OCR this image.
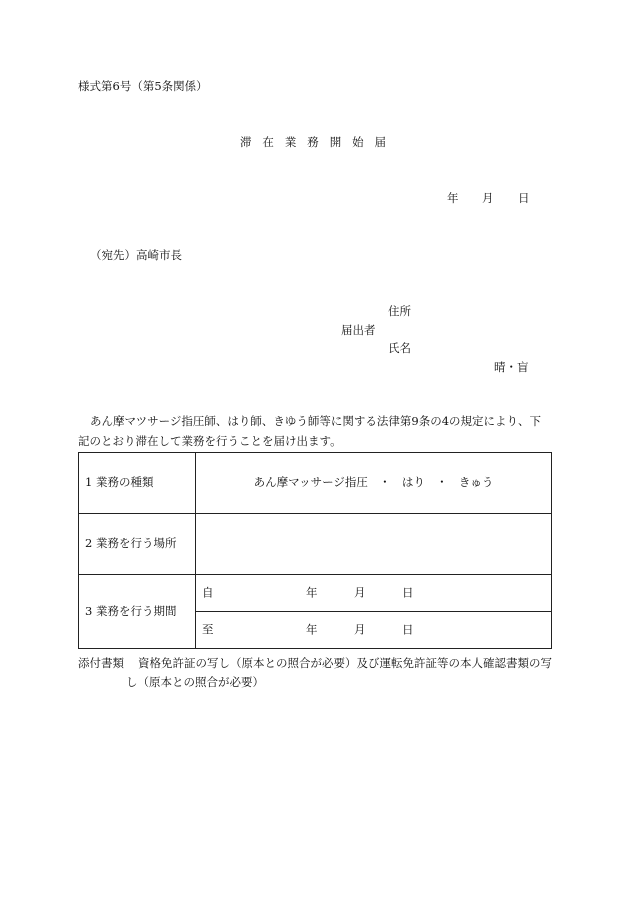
様式第6号（第5条関係）
滞在業務開始届
年 月 日
（宛先）高崎市長
住所
届出者
氏名
晴・盲
あん摩マツサージ指圧師、はり師、きゆう師等に関する法律第9条の4の規定により、下
記のとおり滞在して業務を行うことを届け出ます。
1 業務の種類	あん摩マッサージ指圧 ・ はり ・ きゅう
2 業務を行う場所	
3 業務を行う期間	自 年 月 日

	至 年 月 日
添付書類 資格免許証の写し（原本との照合が必要）及び運転免許証等の本人確認書類の写
し（原本との照合が必要）
